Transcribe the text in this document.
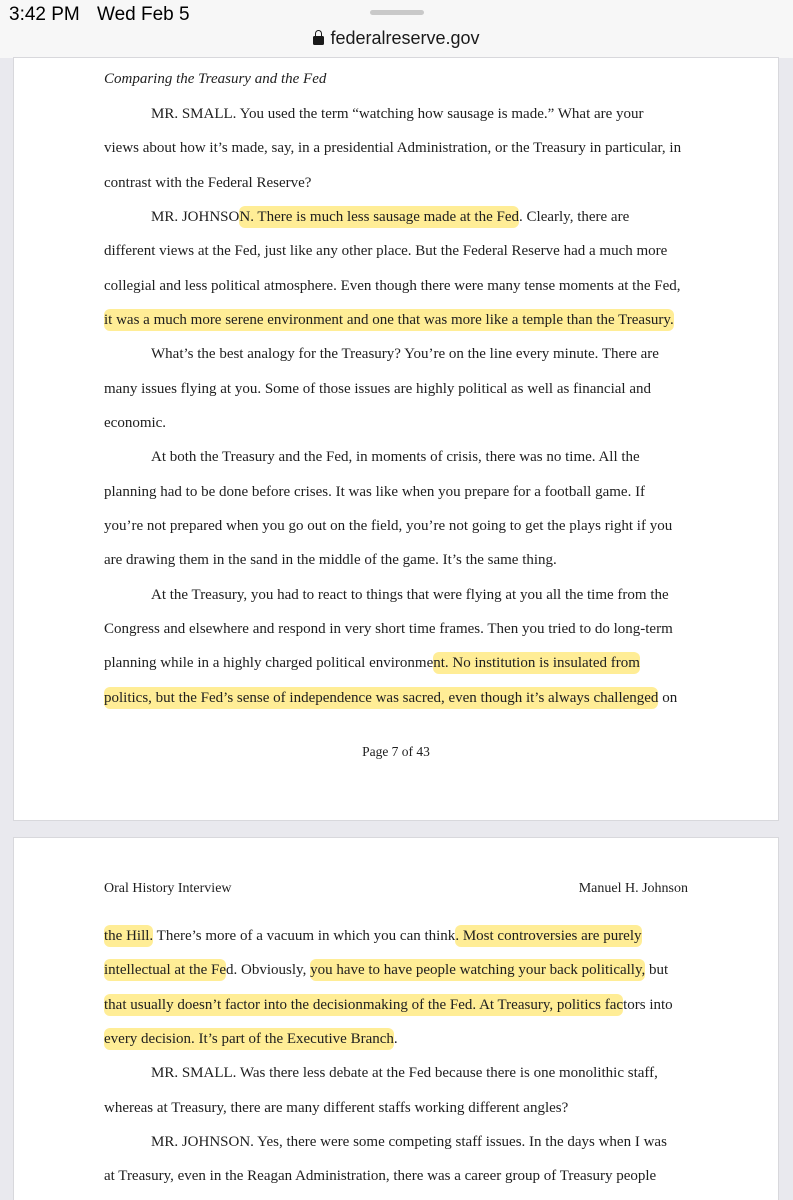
3:42 PM Wed Feb 5
federalreserve.gov
Comparing the Treasury and the Fed
MR. SMALL. You used the term “watching how sausage is made.” What are your
views about how it’s made, say, in a presidential Administration, or the Treasury in particular, in
contrast with the Federal Reserve?
MR. JOHNSON. There is much less sausage made at the Fed. Clearly, there are
different views at the Fed, just like any other place. But the Federal Reserve had a much more
collegial and less political atmosphere. Even though there were many tense moments at the Fed,
it was a much more serene environment and one that was more like a temple than the Treasury.
What’s the best analogy for the Treasury? You’re on the line every minute. There are
many issues flying at you. Some of those issues are highly political as well as financial and
economic.
At both the Treasury and the Fed, in moments of crisis, there was no time. All the
planning had to be done before crises. It was like when you prepare for a football game. If
you’re not prepared when you go out on the field, you’re not going to get the plays right if you
are drawing them in the sand in the middle of the game. It’s the same thing.
At the Treasury, you had to react to things that were flying at you all the time from the
Congress and elsewhere and respond in very short time frames. Then you tried to do long-term
planning while in a highly charged political environment. No institution is insulated from
politics, but the Fed’s sense of independence was sacred, even though it’s always challenged on
Page 7 of 43
Oral History Interview	Manuel H. Johnson
the Hill. There’s more of a vacuum in which you can think. Most controversies are purely
intellectual at the Fed. Obviously, you have to have people watching your back politically, but
that usually doesn’t factor into the decisionmaking of the Fed. At Treasury, politics factors into
every decision. It’s part of the Executive Branch.
MR. SMALL. Was there less debate at the Fed because there is one monolithic staff,
whereas at Treasury, there are many different staffs working different angles?
MR. JOHNSON. Yes, there were some competing staff issues. In the days when I was
at Treasury, even in the Reagan Administration, there was a career group of Treasury people
